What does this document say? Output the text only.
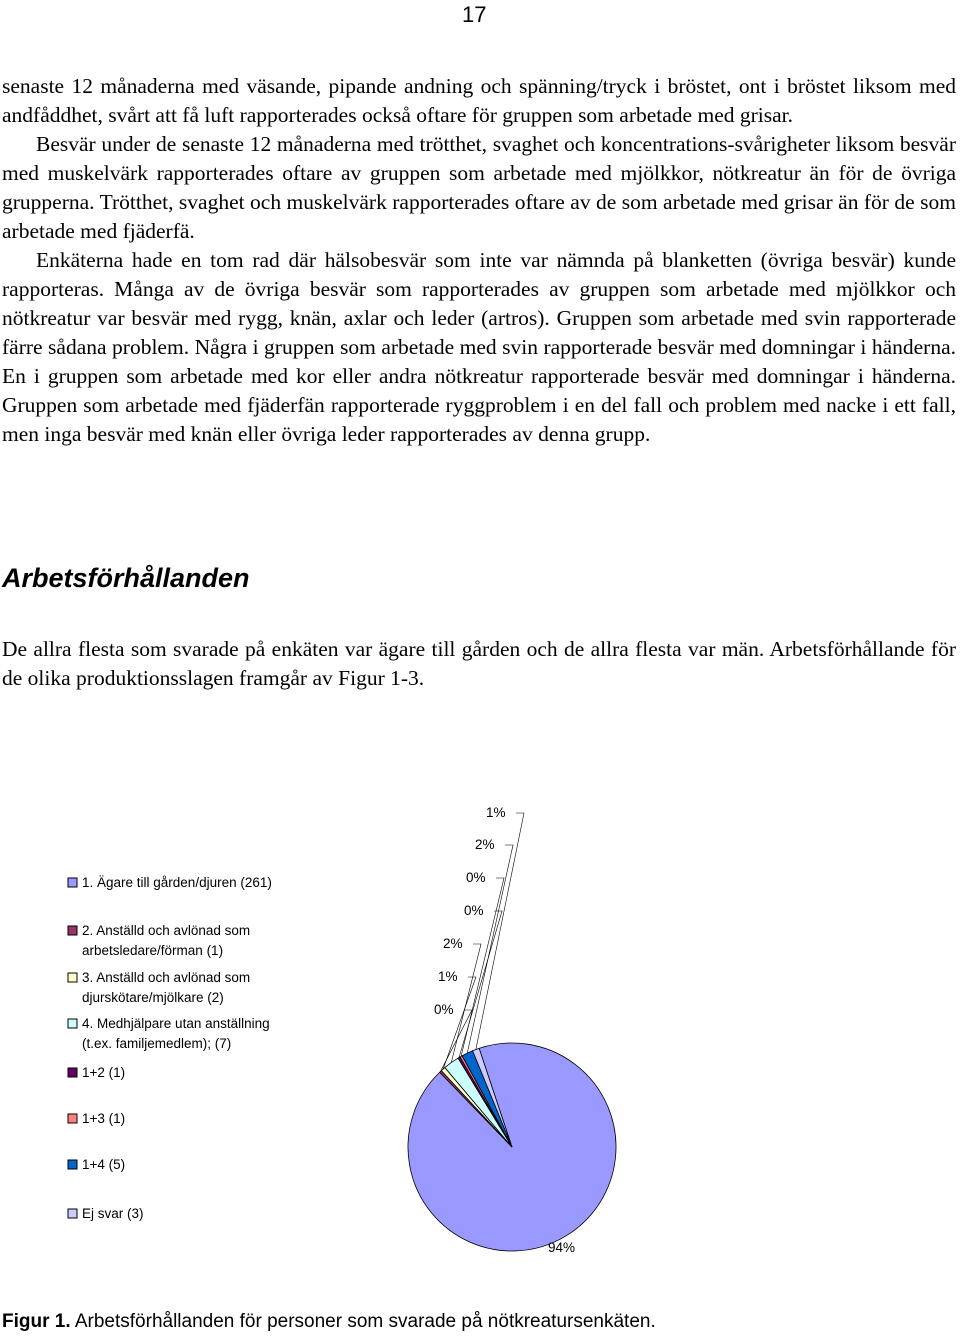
17

senaste 12 månaderna med väsande, pipande andning och spänning/tryck i bröstet, ont i bröstet liksom med andfåddhet, svårt att få luft rapporterades också oftare för gruppen som arbetade med grisar.

Besvär under de senaste 12 månaderna med trötthet, svaghet och koncentrations-svårigheter liksom besvär med muskelvärk rapporterades oftare av gruppen som arbetade med mjölkkor, nötkreatur än för de övriga grupperna. Trötthet, svaghet och muskelvärk rapporterades oftare av de som arbetade med grisar än för de som arbetade med fjäderfä.

Enkäterna hade en tom rad där hälsobesvär som inte var nämnda på blanketten (övriga besvär) kunde rapporteras. Många av de övriga besvär som rapporterades av gruppen som arbetade med mjölkkor och nötkreatur var besvär med rygg, knän, axlar och leder (artros). Gruppen som arbetade med svin rapporterade färre sådana problem. Några i gruppen som arbetade med svin rapporterade besvär med domningar i händerna. En i gruppen som arbetade med kor eller andra nötkreatur rapporterade besvär med domningar i händerna. Gruppen som arbetade med fjäderfän rapporterade ryggproblem i en del fall och problem med nacke i ett fall, men inga besvär med knän eller övriga leder rapporterades av denna grupp.

Arbetsförhållanden

De allra flesta som svarade på enkäten var ägare till gården och de allra flesta var män. Arbetsförhållande för de olika produktionsslagen framgår av Figur 1-3.

1. Ägare till gården/djuren (261)
2. Anställd och avlönad som
arbetsledare/förman (1)
3. Anställd och avlönad som
djurskötare/mjölkare (2)
4. Medhjälpare utan anställning
(t.ex. familjemedlem); (7)
1+2 (1)
1+3 (1)
1+4 (5)
Ej svar (3)
94%
0%
1%
2%
0%
0%
2%
1%

Figur 1. Arbetsförhållanden för personer som svarade på nötkreatursenkäten.
